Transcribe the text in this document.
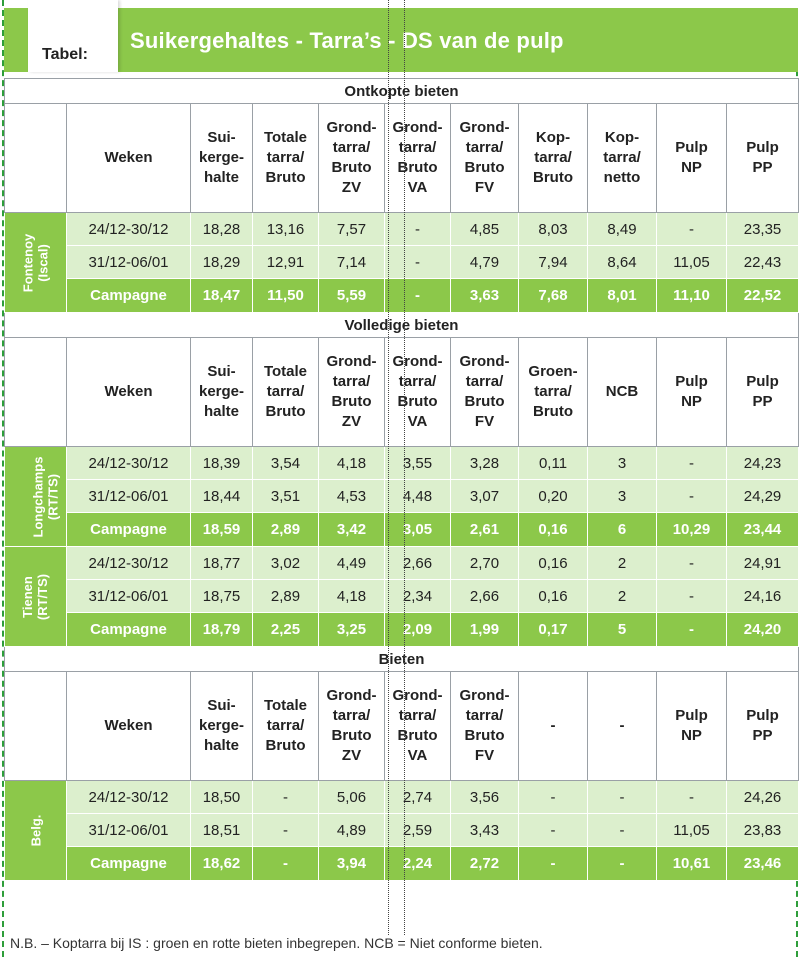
Tabel:
Suikergehaltes - Tarra’s - DS van de pulp
Ontkopte bieten										
	Weken	Sui-
kerge-
halte	Totale
tarra/
Bruto	Grond-
tarra/
Bruto
ZV	Grond-
tarra/
Bruto
VA	Grond-
tarra/
Bruto
FV	Kop-
tarra/
Bruto	Kop-
tarra/
netto	Pulp
NP	Pulp
PP
Fontenoy
(Iscal)	24/12-30/12	18,28	13,16	7,57	-	4,85	8,03	8,49	-	23,35
	31/12-06/01	18,29	12,91	7,14	-	4,79	7,94	8,64	11,05	22,43
	Campagne	18,47	11,50	5,59	-	3,63	7,68	8,01	11,10	22,52
Volledige bieten										
	Weken	Sui-
kerge-
halte	Totale
tarra/
Bruto	Grond-
tarra/
Bruto
ZV	Grond-
tarra/
Bruto
VA	Grond-
tarra/
Bruto
FV	Groen-
tarra/
Bruto	NCB	Pulp
NP	Pulp
PP
Longchamps
(RT/TS)	24/12-30/12	18,39	3,54	4,18	3,55	3,28	0,11	3	-	24,23
	31/12-06/01	18,44	3,51	4,53	4,48	3,07	0,20	3	-	24,29
	Campagne	18,59	2,89	3,42	3,05	2,61	0,16	6	10,29	23,44
Tienen
(RT/TS)	24/12-30/12	18,77	3,02	4,49	2,66	2,70	0,16	2	-	24,91
	31/12-06/01	18,75	2,89	4,18	2,34	2,66	0,16	2	-	24,16
	Campagne	18,79	2,25	3,25	2,09	1,99	0,17	5	-	24,20
Bieten										
	Weken	Sui-
kerge-
halte	Totale
tarra/
Bruto	Grond-
tarra/
Bruto
ZV	Grond-
tarra/
Bruto
VA	Grond-
tarra/
Bruto
FV	-	-	Pulp
NP	Pulp
PP
Belg.	24/12-30/12	18,50	-	5,06	2,74	3,56	-	-	-	24,26
	31/12-06/01	18,51	-	4,89	2,59	3,43	-	-	11,05	23,83
	Campagne	18,62	-	3,94	2,24	2,72	-	-	10,61	23,46
N.B. – Koptarra bij IS : groen en rotte bieten inbegrepen. NCB = Niet conforme bieten.
